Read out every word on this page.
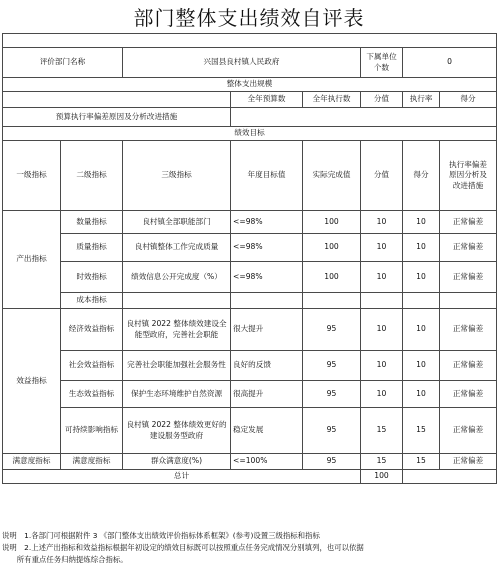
部门整体支出绩效自评表

评价部门名称		兴国县良村镇人民政府			下属单位个数	0	
整体支出规模							
			全年预算数	全年执行数	分值	执行率	得分
预算执行率偏差原因及分析改进措施							
绩效目标							
一级指标	二级指标	三级指标	年度目标值	实际完成值	分值	得分	执行率偏差原因分析及改进措施
产出指标	数量指标	良村镇全部职能部门	<=98%	100	10	10	正常偏差
	质量指标	良村镇整体工作完成质量	<=98%	100	10	10	正常偏差
	时效指标	绩效信息公开完成度（%）	<=98%	100	10	10	正常偏差
	成本指标						
效益指标	经济效益指标	良村镇 2022 整体绩效建设全能型政府，完善社会职能	很大提升	95	10	10	正常偏差
	社会效益指标	完善社会职能加强社会服务性	良好的反馈	95	10	10	正常偏差
	生态效益指标	保护生态环境维护自然资源	很高提升	95	10	10	正常偏差
	可持续影响指标	良村镇 2022 整体绩效更好的建设服务型政府	稳定发展	95	15	15	正常偏差
满意度指标	满意度指标	群众满意度(%)	<=100%	95	15	15	正常偏差
总计					100		
说明　1.各部门可根据附件 3 《部门整体支出绩效评价指标体系框架》(参考)设置三级指标和指标
说明　2.上述产出指标和效益指标根据年初设定的绩效目标既可以按照重点任务完成情况分别填列，也可以依据
　　所有重点任务归纳提炼综合指标。
